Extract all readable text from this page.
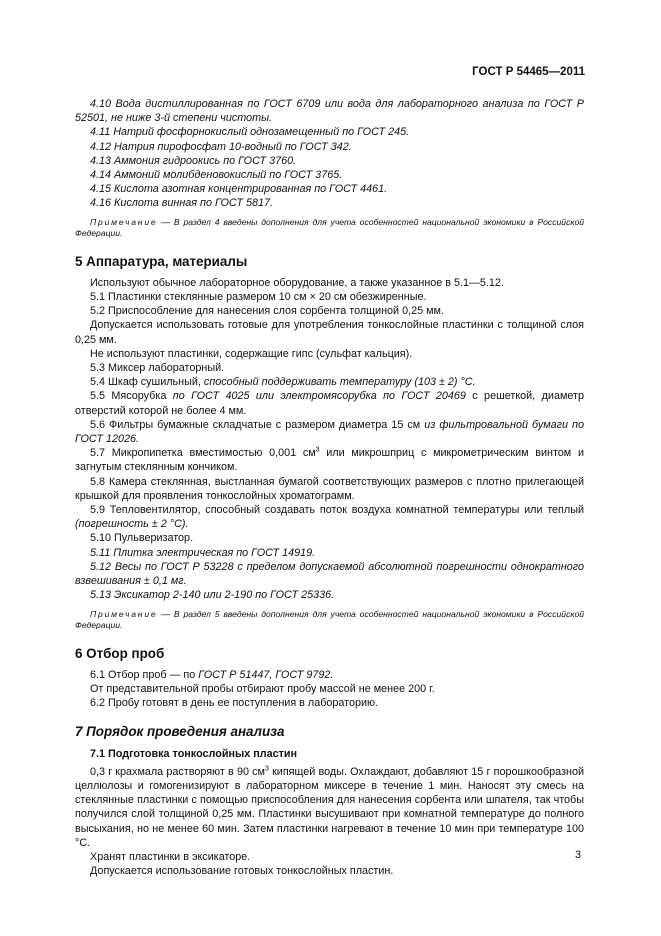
ГОСТ Р 54465—2011

4.10 Вода дистиллированная по ГОСТ 6709 или вода для лабораторного анализа по ГОСТ Р 52501, не ниже 3-й степени чистоты.

4.11 Натрий фосфорнокислый однозамещенный по ГОСТ 245.

4.12 Натрия пирофосфат 10-водный по ГОСТ 342.

4.13 Аммония гидроокись по ГОСТ 3760.

4.14 Аммоний молибденовокислый по ГОСТ 3765.

4.15 Кислота азотная концентрированная по ГОСТ 4461.

4.16 Кислота винная по ГОСТ 5817.

Примечание — В раздел 4 введены дополнения для учета особенностей национальной экономики в Российской Федерации.

5 Аппаратура, материалы

Используют обычное лабораторное оборудование, а также указанное в 5.1—5.12.

5.1 Пластинки стеклянные размером 10 см × 20 см обезжиренные.

5.2 Приспособление для нанесения слоя сорбента толщиной 0,25 мм.

Допускается использовать готовые для употребления тонкослойные пластинки с толщиной слоя 0,25 мм.

Не используют пластинки, содержащие гипс (сульфат кальция).

5.3 Миксер лабораторный.

5.4 Шкаф сушильный, способный поддерживать температуру (103 ± 2) °С.

5.5 Мясорубка по ГОСТ 4025 или электромясорубка по ГОСТ 20469 с решеткой, диаметр отверстий которой не более 4 мм.

5.6 Фильтры бумажные складчатые с размером диаметра 15 см из фильтровальной бумаги по ГОСТ 12026.

5.7 Микропипетка вместимостью 0,001 $см^3$ или микрошприц с микрометрическим винтом и загнутым стеклянным кончиком.

5.8 Камера стеклянная, выстланная бумагой соответствующих размеров с плотно прилегающей крышкой для проявления тонкослойных хроматограмм.

5.9 Тепловентилятор, способный создавать поток воздуха комнатной температуры или теплый (погрешность ± 2 °С).

5.10 Пульверизатор.

5.11 Плитка электрическая по ГОСТ 14919.

5.12 Весы по ГОСТ Р 53228 с пределом допускаемой абсолютной погрешности однократного взвешивания ± 0,1 мг.

5.13 Эксикатор 2-140 или 2-190 по ГОСТ 25336.

Примечание — В раздел 5 введены дополнения для учета особенностей национальной экономики в Российской Федерации.

6 Отбор проб

6.1 Отбор проб — по ГОСТ Р 51447, ГОСТ 9792.

От представительной пробы отбирают пробу массой не менее 200 г.

6.2 Пробу готовят в день ее поступления в лабораторию.

7 Порядок проведения анализа
7.1 Подготовка тонкослойных пластин

0,3 г крахмала растворяют в 90 $см^3$ кипящей воды. Охлаждают, добавляют 15 г порошкообразной целлюлозы и гомогенизируют в лабораторном миксере в течение 1 мин. Наносят эту смесь на стеклянные пластинки с помощью приспособления для нанесения сорбента или шпателя, так чтобы получился слой толщиной 0,25 мм. Пластинки высушивают при комнатной температуре до полного высыхания, но не менее 60 мин. Затем пластинки нагревают в течение 10 мин при температуре 100 °С.

Хранят пластинки в эксикаторе.

Допускается использование готовых тонкослойных пластин.

3
